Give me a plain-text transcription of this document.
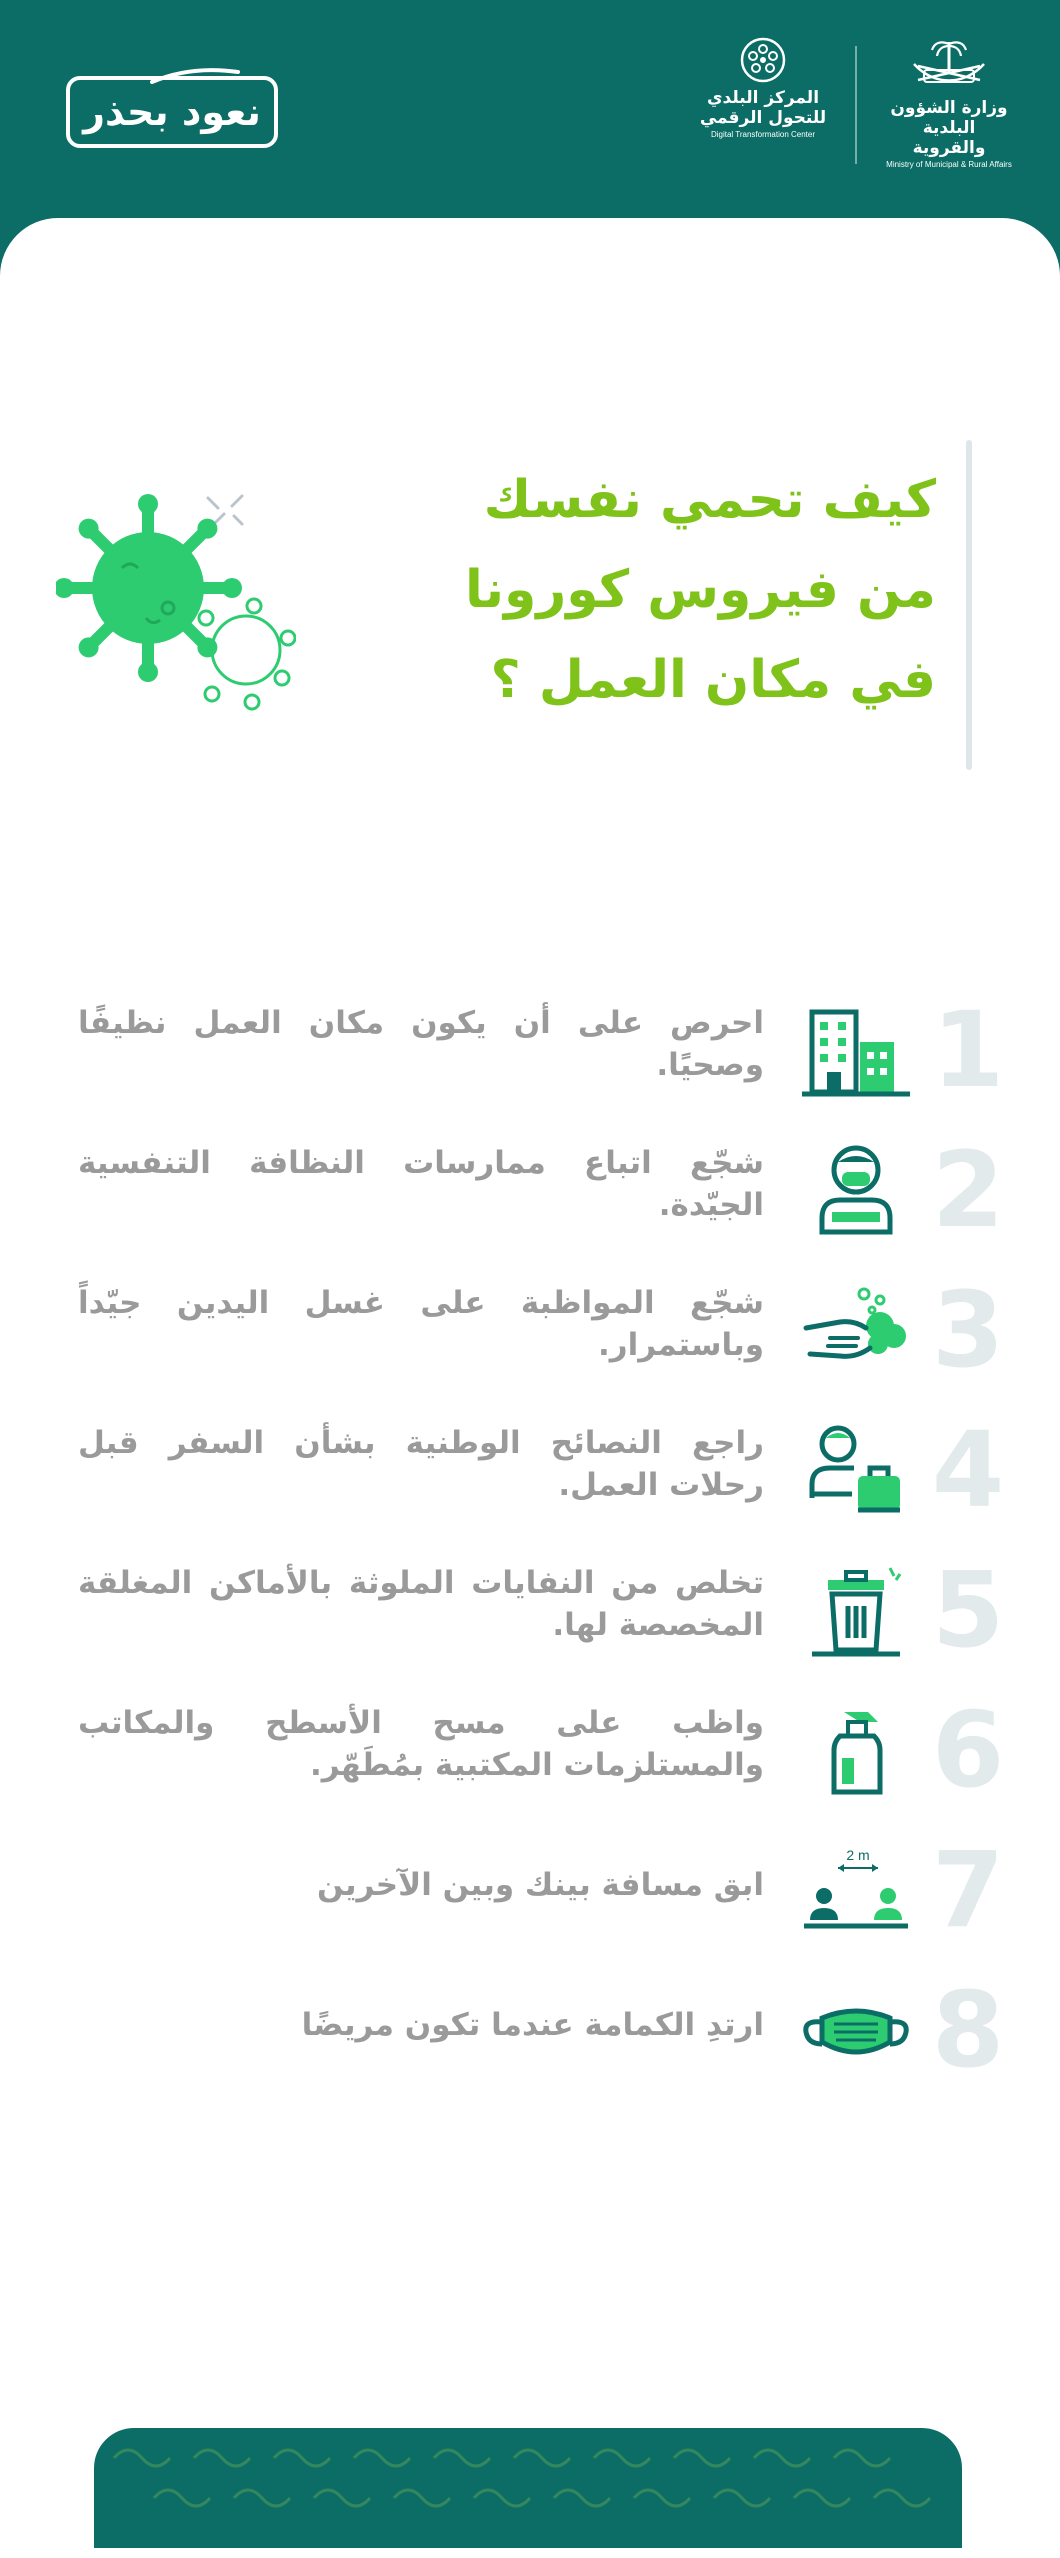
نعود بحذر	المركز البلدي
للتحول الرقمي
Digital Transformation Center
وزارة الشؤون
البلدية والقروية
Ministry of Municipal & Rural Affairs
كيف تحمي نفسك
من فيروس كورونا
في مكان العمل ؟
1
احرص على أن يكون مكان العمل نظيفًا وصحيًا.
2
شجّع اتباع ممارسات النظافة التنفسية الجيّدة.
3
شجّع المواظبة على غسل اليدين جيّداً وباستمرار.
4
راجع النصائح الوطنية بشأن السفر قبل رحلات العمل.
5
تخلص من النفايات الملوثة بالأماكن المغلقة المخصصة لها.
6
واظب على مسح الأسطح والمكاتب والمستلزمات المكتبية بمُطَهّر.
7
2 m
ابق مسافة بينك وبين الآخرين
8
ارتدِ الكمامة عندما تكون مريضًا
